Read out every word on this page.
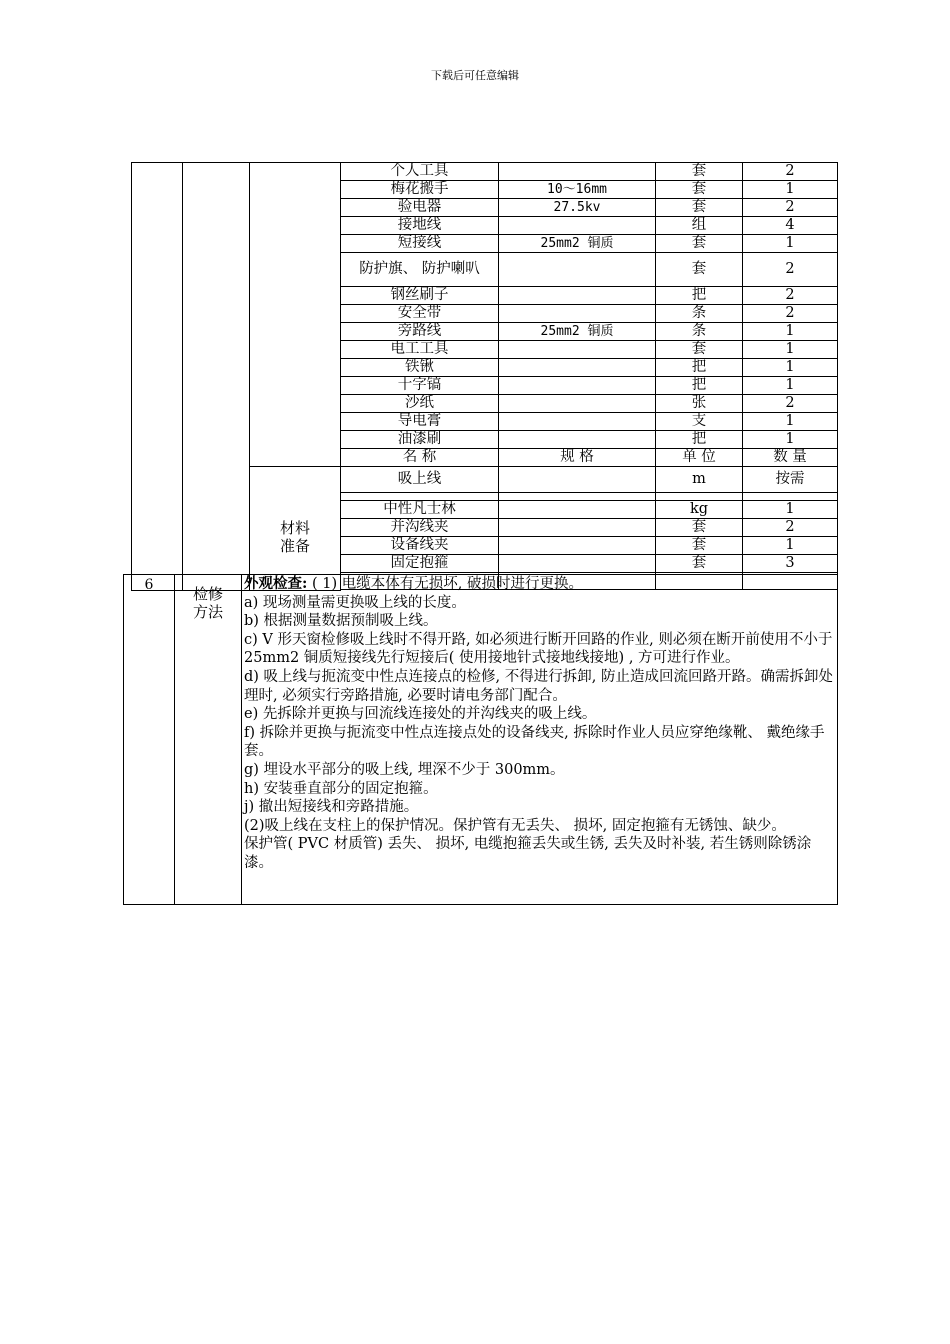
下载后可任意编辑
			个人工具		套	2
			梅花搬手	10～16mm	套	1
			验电器	27.5kv	套	2
			接地线		组	4
			短接线	25mm2 铜质	套	1
			防护旗、 防护喇叭		套	2
			钢丝刷子		把	2
			安全带		条	2
			旁路线	25mm2 铜质	条	1
			电工工具		套	1
			铁锹		把	1
			十字镐		把	1
			沙纸		张	2
			导电膏		支	1
			油漆刷		把	1
			名 称	规 格	单 位	数 量

		材料准备	吸上线		m	按需

			中性凡士林		kg	1
			并沟线夹		套	2
			设备线夹		套	1
			固定抱箍		套	3

6	检修方法

外观检查: ( 1) 电缆本体有无损坏, 破损时进行更换。

a) 现场测量需更换吸上线的长度。

b) 根据测量数据预制吸上线。

c) V 形天窗检修吸上线时不得开路, 如必须进行断开回路的作业, 则必须在断开前使用不小于 25mm2 铜质短接线先行短接后( 使用接地针式接地线接地) , 方可进行作业。

d) 吸上线与扼流变中性点连接点的检修, 不得进行拆卸, 防止造成回流回路开路。确需拆卸处理时, 必须实行旁路措施, 必要时请电务部门配合。

e) 先拆除并更换与回流线连接处的并沟线夹的吸上线。

f) 拆除并更换与扼流变中性点连接点处的设备线夹, 拆除时作业人员应穿绝缘靴、 戴绝缘手套。

g) 埋设水平部分的吸上线, 埋深不少于 300mm。

h) 安装垂直部分的固定抱箍。

j) 撤出短接线和旁路措施。

(2)吸上线在支柱上的保护情况。保护管有无丢失、 损坏, 固定抱箍有无锈蚀、缺少。

保护管( PVC 材质管) 丢失、 损坏, 电缆抱箍丢失或生锈, 丢失及时补装, 若生锈则除锈涂漆。
